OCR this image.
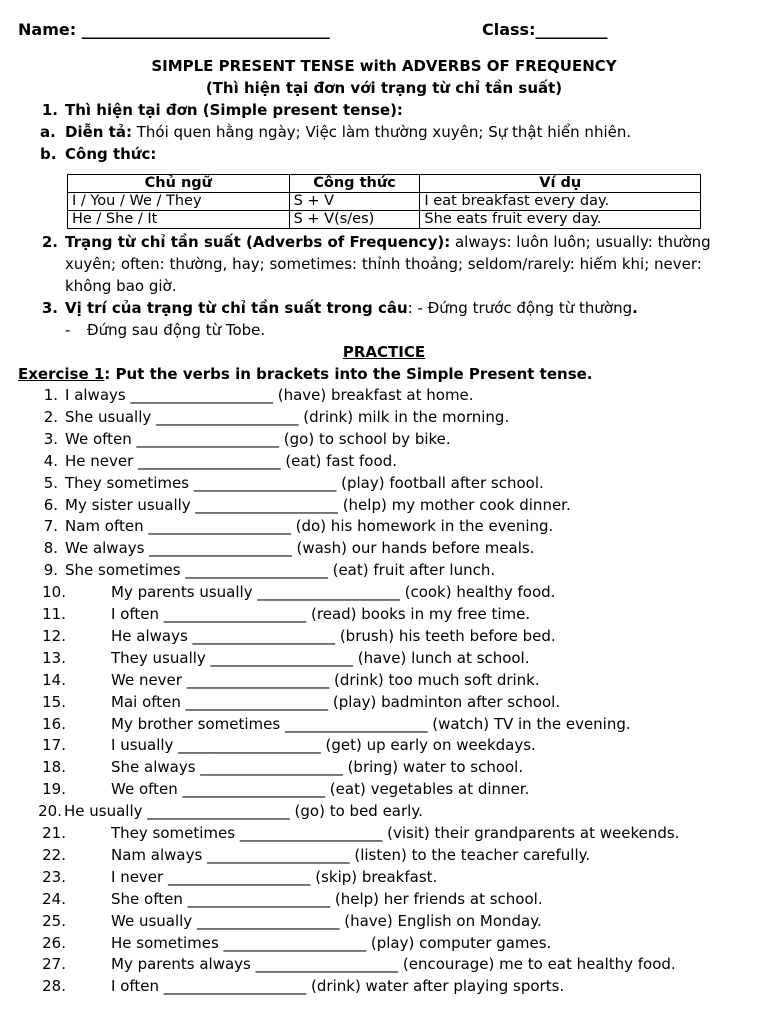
Name: _______________________________	Class:_________
SIMPLE PRESENT TENSE with ADVERBS OF FREQUENCY
(Thì hiện tại đơn với trạng từ chỉ tần suất)
1. Thì hiện tại đơn (Simple present tense):
a. Diễn tả: Thói quen hằng ngày; Việc làm thường xuyên; Sự thật hiển nhiên.
b. Công thức:
Chủ ngữ	Công thức	Ví dụ
I / You / We / They	S + V	I eat breakfast every day.
He / She / It	S + V(s/es)	She eats fruit every day.
2. Trạng từ chỉ tần suất (Adverbs of Frequency): always: luôn luôn; usually: thường
xuyên; often: thường, hay; sometimes: thỉnh thoảng; seldom/rarely: hiếm khi; never:
không bao giờ.
3. Vị trí của trạng từ chỉ tần suất trong câu: - Đứng trước động từ thường.
- Đứng sau động từ Tobe.
PRACTICE
Exercise 1: Put the verbs in brackets into the Simple Present tense.
1. I always ___________________ (have) breakfast at home.
2. She usually ___________________ (drink) milk in the morning.
3. We often ___________________ (go) to school by bike.
4. He never ___________________ (eat) fast food.
5. They sometimes ___________________ (play) football after school.
6. My sister usually ___________________ (help) my mother cook dinner.
7. Nam often ___________________ (do) his homework in the evening.
8. We always ___________________ (wash) our hands before meals.
9. She sometimes ___________________ (eat) fruit after lunch.
10.	My parents usually ___________________ (cook) healthy food.
11.	I often ___________________ (read) books in my free time.
12.	He always ___________________ (brush) his teeth before bed.
13.	They usually ___________________ (have) lunch at school.
14.	We never ___________________ (drink) too much soft drink.
15.	Mai often ___________________ (play) badminton after school.
16.	My brother sometimes ___________________ (watch) TV in the evening.
17.	I usually ___________________ (get) up early on weekdays.
18.	She always ___________________ (bring) water to school.
19.	We often ___________________ (eat) vegetables at dinner.
20. He usually ___________________ (go) to bed early.
21.	They sometimes ___________________ (visit) their grandparents at weekends.
22.	Nam always ___________________ (listen) to the teacher carefully.
23.	I never ___________________ (skip) breakfast.
24.	She often ___________________ (help) her friends at school.
25.	We usually ___________________ (have) English on Monday.
26.	He sometimes ___________________ (play) computer games.
27.	My parents always ___________________ (encourage) me to eat healthy food.
28.	I often ___________________ (drink) water after playing sports.
